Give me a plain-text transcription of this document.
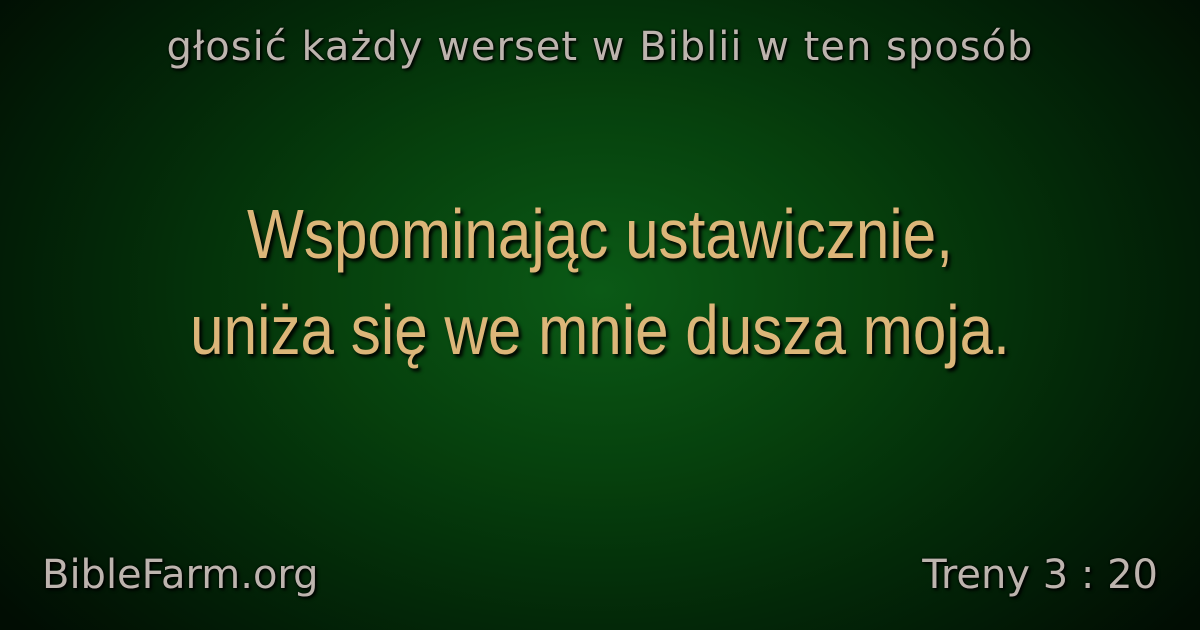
głosić każdy werset w Biblii w ten sposób
Wspominając ustawicznie,
uniża się we mnie dusza moja.
BibleFarm.org	Treny 3 : 20
